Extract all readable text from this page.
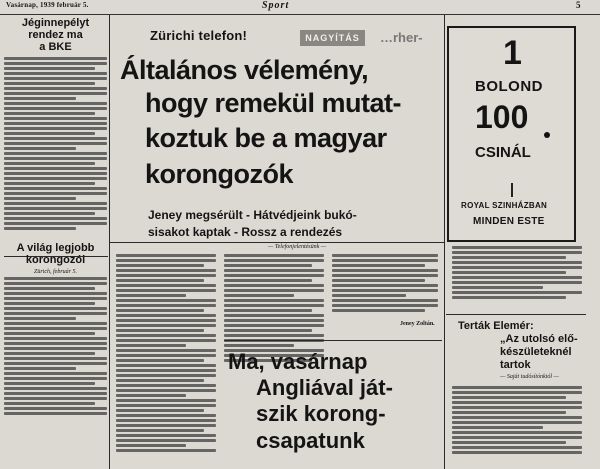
Vasárnap, 1939 február 5.	Sport	5
Jéginnepélyt
rendez ma
a BKE
A világ legjobb
korongozói
Zürich, február 5.
NAGYÍTÁS	…rher-
Zürichi telefon!
Általános vélemény,
hogy remekül mutat-
koztuk be a magyar
korongozók
Jeney megsérült - Hátvédjeink bukó-
sisakot kaptak - Rossz a rendezés
— Telefonjelentésünk —
Jeney Zoltán.
Ma, vasárnap
Angliával ját-
szik korong-
csapatunk
1
BOLOND
100
CSINÁL
ROYAL SZINHÁZBAN
MINDEN ESTE
Terták Elemér:
„Az utolsó elő-
készületeknél
tartok
— Saját tudósítónktól —
